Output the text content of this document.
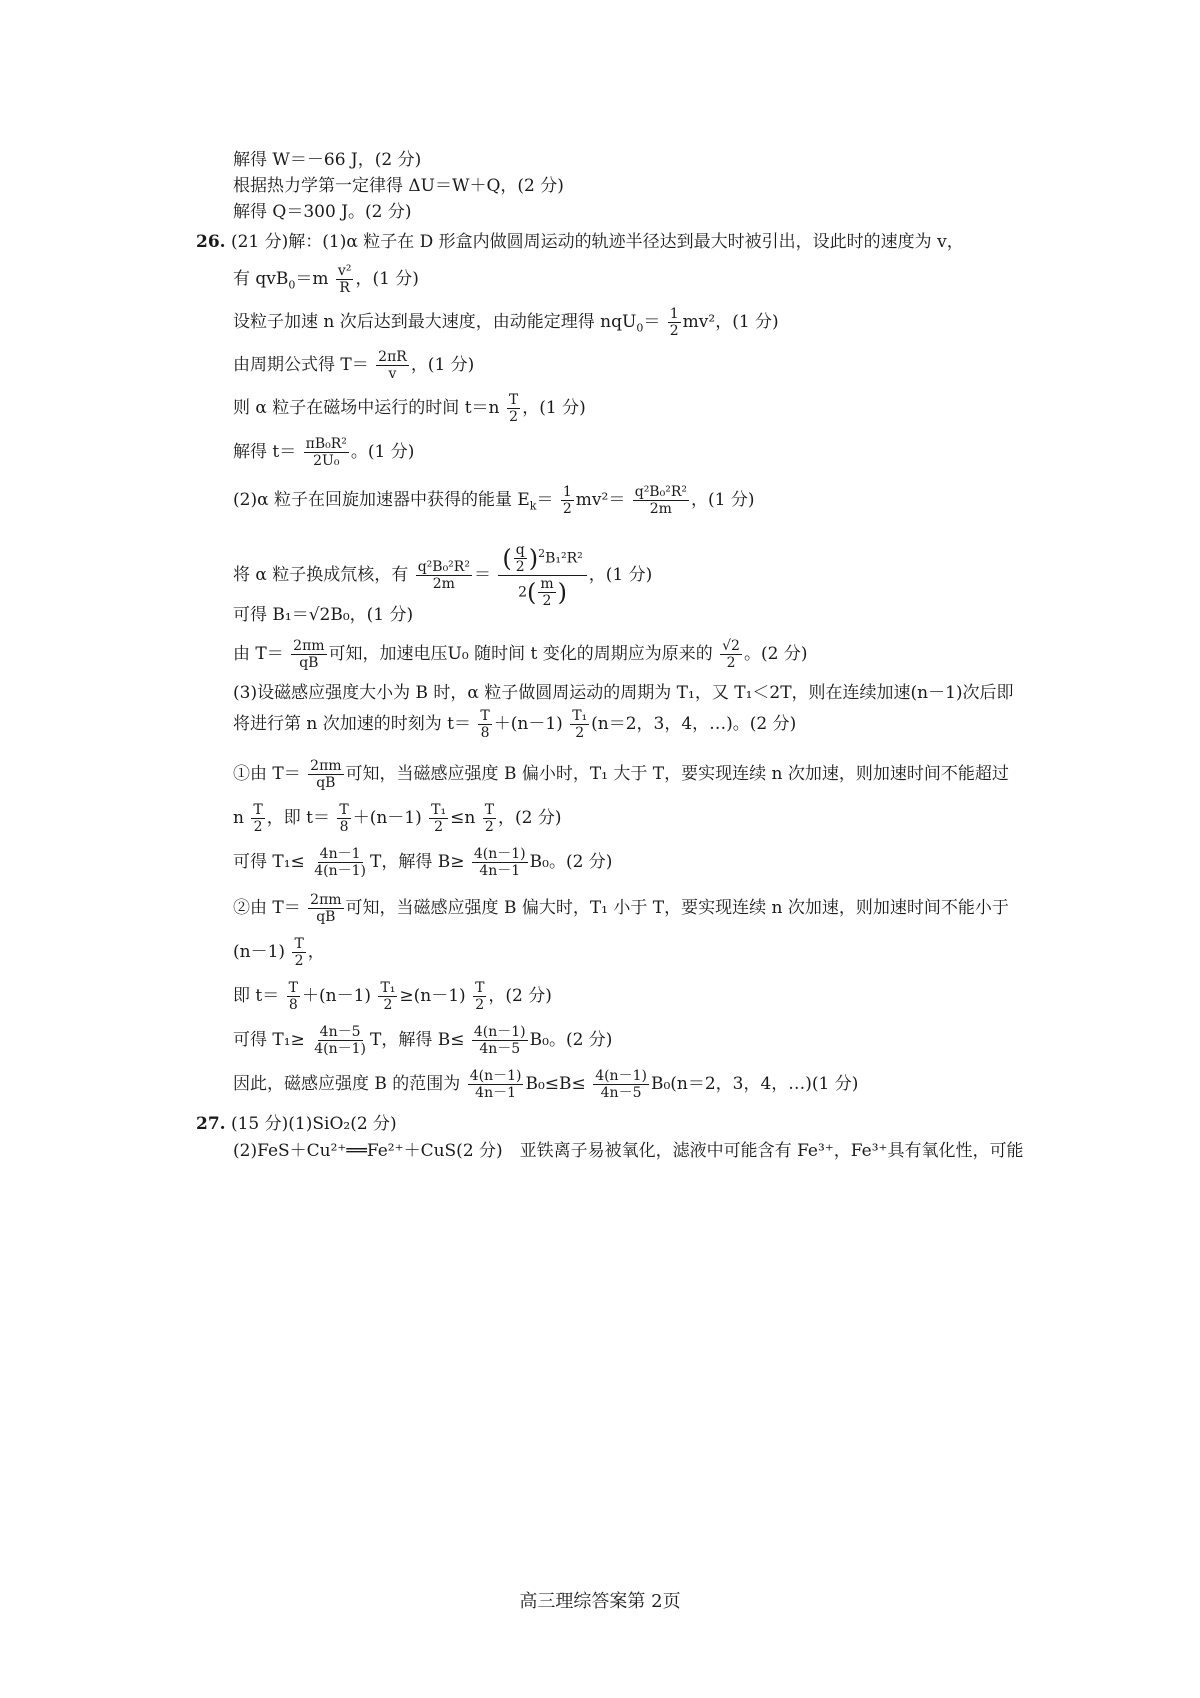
解得 W＝－66 J，(2 分)
根据热力学第一定律得 ΔU＝W＋Q，(2 分)
解得 Q＝300 J。(2 分)
26. (21 分)解：(1)α 粒子在 D 形盒内做圆周运动的轨迹半径达到最大时被引出，设此时的速度为 v，
有 $qvB_0=m \frac{\text{v²}}{R}$ ，(1 分)
设粒子加速 n 次后达到最大速度，由动能定理得 $nqU_0= \frac{1}{2} mv^2$，(1 分)
由周期公式得 $T= \frac{2\pi R}{v}$ ，(1 分)
则 α 粒子在磁场中运行的时间 $t=n \frac{T}{2}$ ，(1 分)
解得 $t= \frac{\text{πB₀R²}}{\text{2U₀}}$ 。(1 分)
(2)α 粒子在回旋加速器中获得的能量 $E_k= \frac{1}{2} mv^2= \frac{\text{q²B₀²R²}}{2m}$ ，(1 分)
将 α 粒子换成氘核，有 $\frac{\text{q²B₀²R²}}{2m} = \frac{( \frac{q}{2} )^2B_1^2R^2}{2( \frac{m}{2} )}$ ，(1 分)
可得 B₁＝√2B₀，(1 分)
由 $T= \frac{2\pi m}{qB}$ 可知，加速电压U₀ 随时间 t 变化的周期应为原来的 $\frac{√2}{2}$ 。(2 分)
(3)设磁感应强度大小为 B 时，α 粒子做圆周运动的周期为 T₁，又 T₁＜2T，则在连续加速(n－1)次后即
将进行第 n 次加速的时刻为 $t= \frac{T}{8} +(n-1) \frac{\text{T₁}}{2} (n=2$，3，4，…)。(2 分)
①由 $T= \frac{2\pi m}{qB}$ 可知，当磁感应强度 B 偏小时，T₁ 大于 T，要实现连续 n 次加速，则加速时间不能超过
n $\frac{T}{2}$ ，即 $t= \frac{T}{8} +(n-1) \frac{\text{T₁}}{2} \le n \frac{T}{2}$ ，(2 分)
可得 $T_1\le \frac{4n-1}{4(n-1)}$ T，解得 $B\ge \frac{4(n-1)}{4n-1} B_0$。(2 分)
②由 $T= \frac{2\pi m}{qB}$ 可知，当磁感应强度 B 偏大时，T₁ 小于 T，要实现连续 n 次加速，则加速时间不能小于
$(n-1) \frac{T}{2}$ ，
即 $t= \frac{T}{8} +(n-1) \frac{\text{T₁}}{2} \ge(n-1) \frac{T}{2}$ ，(2 分)
可得 $T_1\ge \frac{4n-5}{4(n-1)}$ T，解得 $B\le \frac{4(n-1)}{4n-5} B_0$。(2 分)
因此，磁感应强度 B 的范围为 $\frac{4(n-1)}{4n-1} B_0\le B\le \frac{4(n-1)}{4n-5} B_0(n=2$，3，4，…)(1 分)
27. (15 分)(1)SiO₂(2 分)
(2)FeS＋Cu²⁺══Fe²⁺＋CuS(2 分)　亚铁离子易被氧化，滤液中可能含有 Fe³⁺，Fe³⁺具有氧化性，可能
高三理综答案第 2页
